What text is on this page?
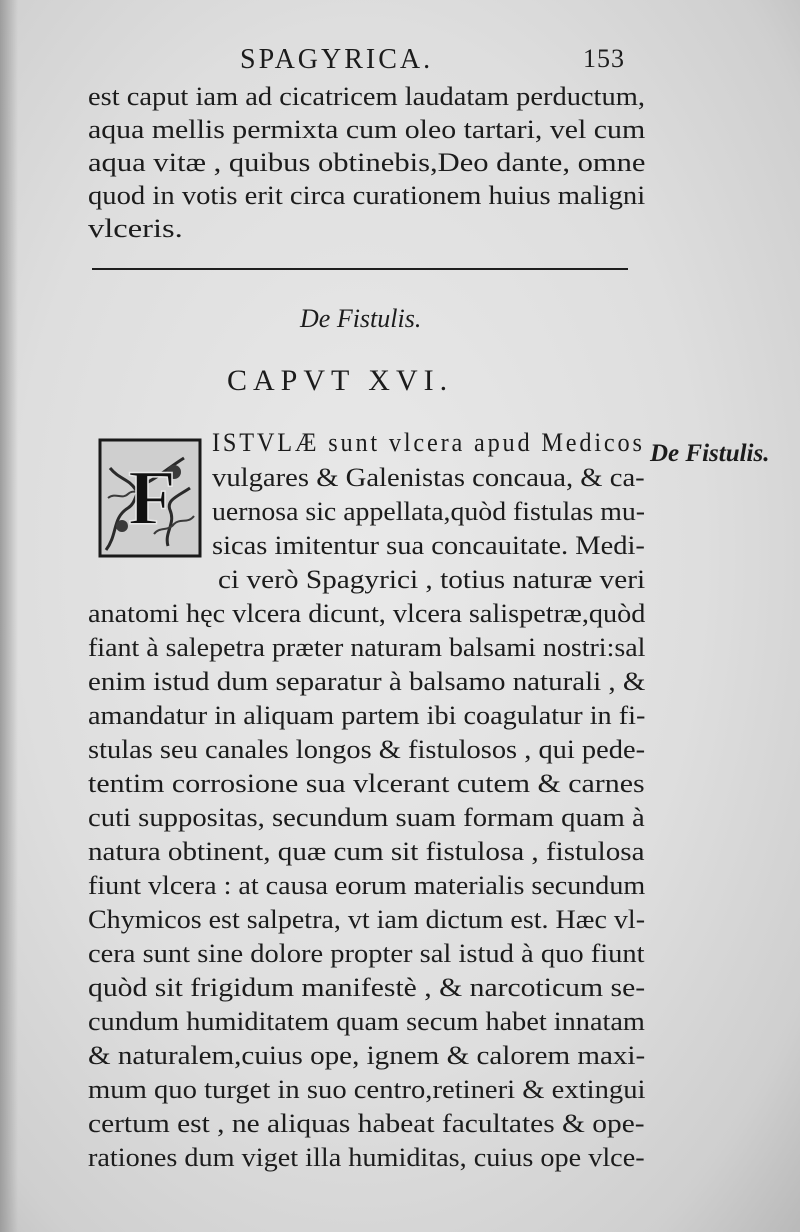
SPAGYRICA.	153
est caput iam ad cicatricem laudatam perductum,
aqua mellis permixta cum oleo tartari, vel cum
aqua vitæ , quibus obtinebis,Deo dante, omne
quod in votis erit circa curationem huius maligni
vlceris.
De Fistulis.
CAPVT XVI.
De Fistulis.
F
ISTVLÆ sunt vlcera apud Medicos
vulgares & Galenistas concaua, & ca-
uernosa sic appellata,quòd fistulas mu-
sicas imitentur sua concauitate. Medi-
ci verò Spagyrici , totius naturæ veri
anatomi hęc vlcera dicunt, vlcera salispetræ,quòd
fiant à salepetra præter naturam balsami nostri:sal
enim istud dum separatur à balsamo naturali , &
amandatur in aliquam partem ibi coagulatur in fi-
stulas seu canales longos & fistulosos , qui pede-
tentim corrosione sua vlcerant cutem & carnes
cuti suppositas, secundum suam formam quam à
natura obtinent, quæ cum sit fistulosa , fistulosa
fiunt vlcera : at causa eorum materialis secundum
Chymicos est salpetra, vt iam dictum est. Hæc vl-
cera sunt sine dolore propter sal istud à quo fiunt
quòd sit frigidum manifestè , & narcoticum se-
cundum humiditatem quam secum habet innatam
& naturalem,cuius ope, ignem & calorem maxi-
mum quo turget in suo centro,retineri & extingui
certum est , ne aliquas habeat facultates & ope-
rationes dum viget illa humiditas, cuius ope vlce-
